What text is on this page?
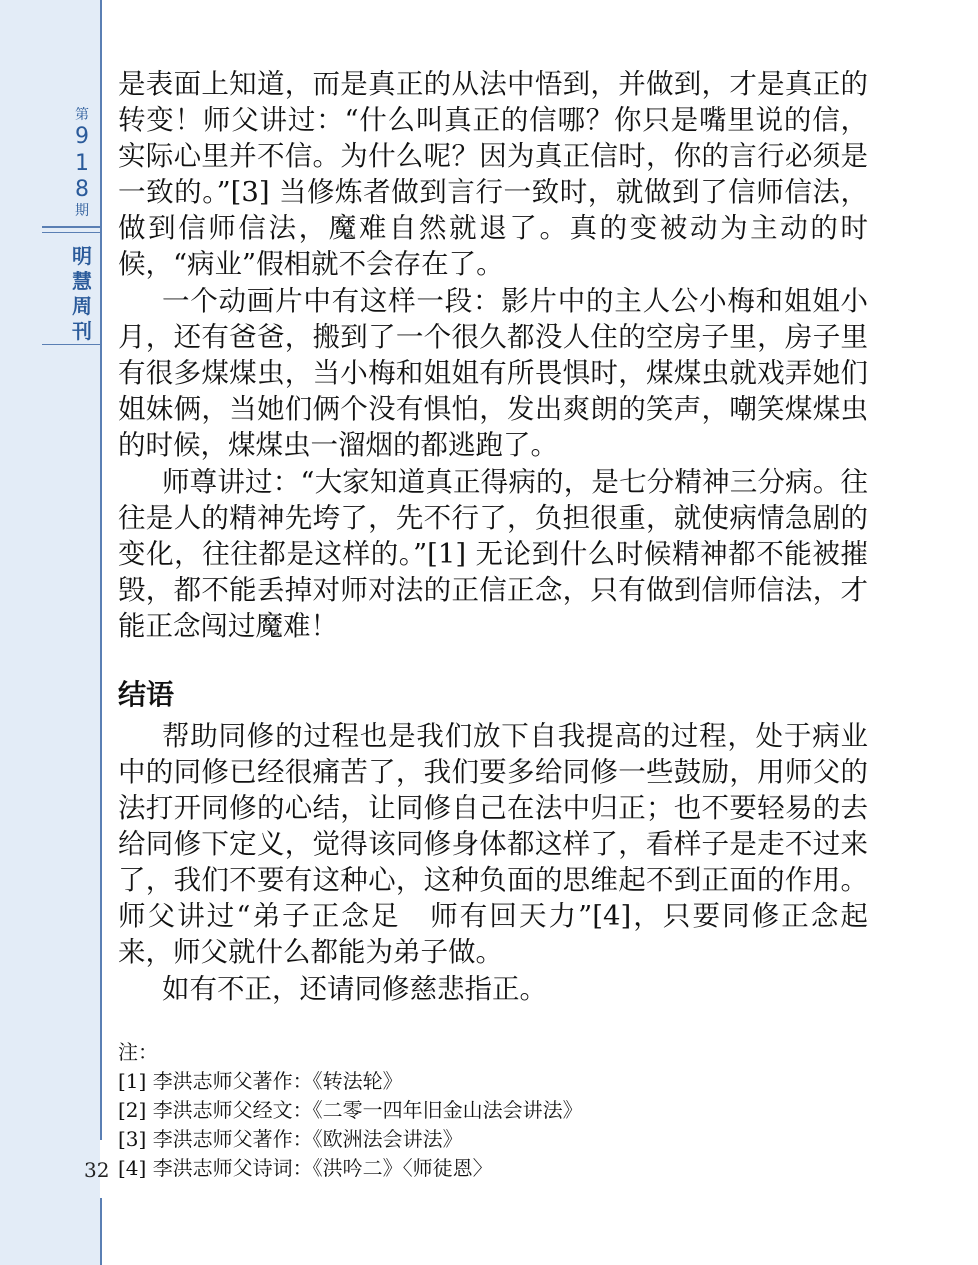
第
9
1
8
期
明
慧
周
刊
32

是表面上知道，而是真正的从法中悟到，并做到，才是真正的转变！师父讲过：“什么叫真正的信哪？你只是嘴里说的信，实际心里并不信。为什么呢？因为真正信时，你的言行必须是一致的。”[3] 当修炼者做到言行一致时，就做到了信师信法，做到信师信法，魔难自然就退了。真的变被动为主动的时候，“病业”假相就不会存在了。

一个动画片中有这样一段：影片中的主人公小梅和姐姐小月，还有爸爸，搬到了一个很久都没人住的空房子里，房子里有很多煤煤虫，当小梅和姐姐有所畏惧时，煤煤虫就戏弄她们姐妹俩，当她们俩个没有惧怕，发出爽朗的笑声，嘲笑煤煤虫的时候，煤煤虫一溜烟的都逃跑了。

师尊讲过：“大家知道真正得病的，是七分精神三分病。往往是人的精神先垮了，先不行了，负担很重，就使病情急剧的变化，往往都是这样的。”[1] 无论到什么时候精神都不能被摧毁，都不能丢掉对师对法的正信正念，只有做到信师信法，才能正念闯过魔难！

结语

帮助同修的过程也是我们放下自我提高的过程，处于病业中的同修已经很痛苦了，我们要多给同修一些鼓励，用师父的法打开同修的心结，让同修自己在法中归正；也不要轻易的去给同修下定义，觉得该同修身体都这样了，看样子是走不过来了，我们不要有这种心，这种负面的思维起不到正面的作用。师父讲过“弟子正念足　师有回天力”[4]，只要同修正念起来，师父就什么都能为弟子做。

如有不正，还请同修慈悲指正。

注：
[1] 李洪志师父著作：《转法轮》
[2] 李洪志师父经文：《二零一四年旧金山法会讲法》
[3] 李洪志师父著作：《欧洲法会讲法》
[4] 李洪志师父诗词：《洪吟二》〈师徒恩〉
